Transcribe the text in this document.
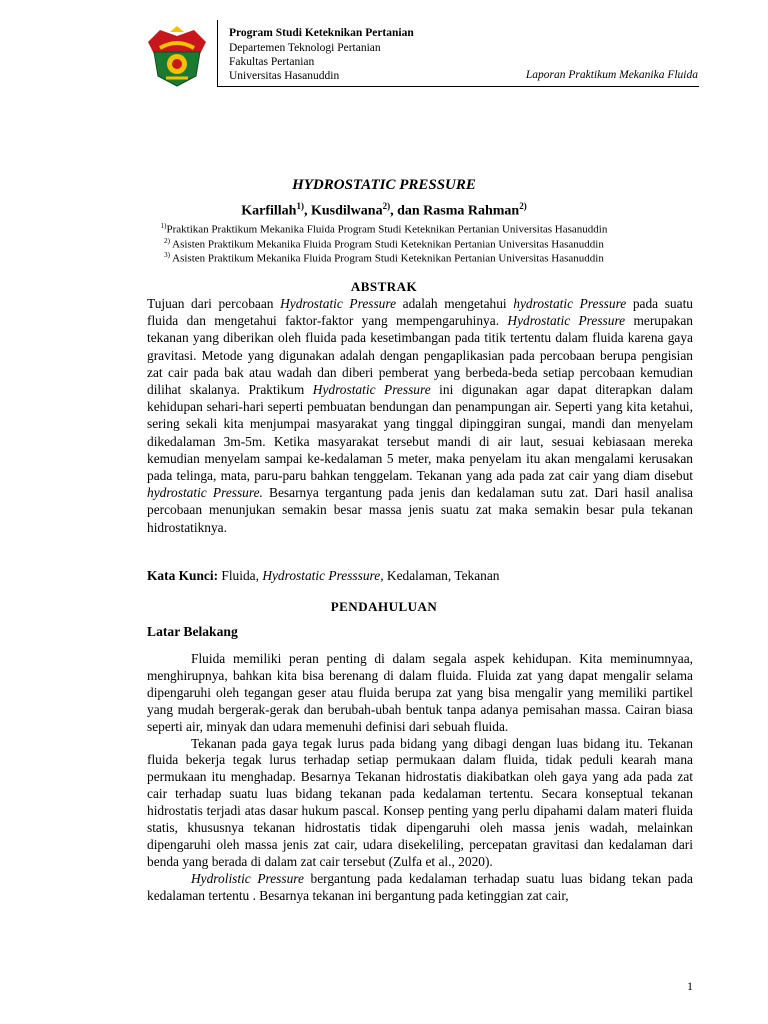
Program Studi Keteknikan Pertanian
Departemen Teknologi Pertanian
Fakultas Pertanian
Universitas Hasanuddin	Laporan Praktikum Mekanika Fluida
HYDROSTATIC PRESSURE
Karfillah$^{1)}$, Kusdilwana$^{2)}$, dan Rasma Rahman$^{2)}$
$^{1)}$Praktikan Praktikum Mekanika Fluida Program Studi Keteknikan Pertanian Universitas Hasanuddin
$^{2)}$ Asisten Praktikum Mekanika Fluida Program Studi Keteknikan Pertanian Universitas Hasanuddin
$^{3)}$ Asisten Praktikum Mekanika Fluida Program Studi Keteknikan Pertanian Universitas Hasanuddin
ABSTRAK
Tujuan dari percobaan Hydrostatic Pressure adalah mengetahui hydrostatic Pressure pada suatu fluida dan mengetahui faktor-faktor yang mempengaruhinya. Hydrostatic Pressure merupakan tekanan yang diberikan oleh fluida pada kesetimbangan pada titik tertentu dalam fluida karena gaya gravitasi. Metode yang digunakan adalah dengan pengaplikasian pada percobaan berupa pengisian zat cair pada bak atau wadah dan diberi pemberat yang berbeda-beda setiap percobaan kemudian dilihat skalanya. Praktikum Hydrostatic Pressure ini digunakan agar dapat diterapkan dalam kehidupan sehari-hari seperti pembuatan bendungan dan penampungan air. Seperti yang kita ketahui, sering sekali kita menjumpai masyarakat yang tinggal dipinggiran sungai, mandi dan menyelam dikedalaman 3m-5m. Ketika masyarakat tersebut mandi di air laut, sesuai kebiasaan mereka kemudian menyelam sampai ke-kedalaman 5 meter, maka penyelam itu akan mengalami kerusakan pada telinga, mata, paru-paru bahkan tenggelam. Tekanan yang ada pada zat cair yang diam disebut hydrostatic Pressure. Besarnya tergantung pada jenis dan kedalaman sutu zat. Dari hasil analisa percobaan menunjukan semakin besar massa jenis suatu zat maka semakin besar pula tekanan hidrostatiknya.
Kata Kunci: Fluida, Hydrostatic Presssure, Kedalaman, Tekanan
PENDAHULUAN
Latar Belakang
Fluida memiliki peran penting di dalam segala aspek kehidupan. Kita meminumnyaa, menghirupnya, bahkan kita bisa berenang di dalam fluida. Fluida zat yang dapat mengalir selama dipengaruhi oleh tegangan geser atau fluida berupa zat yang bisa mengalir yang memiliki partikel yang mudah bergerak-gerak dan berubah-ubah bentuk tanpa adanya pemisahan massa. Cairan biasa seperti air, minyak dan udara memenuhi definisi dari sebuah fluida.
Tekanan pada gaya tegak lurus pada bidang yang dibagi dengan luas bidang itu. Tekanan fluida bekerja tegak lurus terhadap setiap permukaan dalam fluida, tidak peduli kearah mana permukaan itu menghadap. Besarnya Tekanan hidrostatis diakibatkan oleh gaya yang ada pada zat cair terhadap suatu luas bidang tekanan pada kedalaman tertentu. Secara konseptual tekanan hidrostatis terjadi atas dasar hukum pascal. Konsep penting yang perlu dipahami dalam materi fluida statis, khususnya tekanan hidrostatis tidak dipengaruhi oleh massa jenis wadah, melainkan dipengaruhi oleh massa jenis zat cair, udara disekeliling, percepatan gravitasi dan kedalaman dari benda yang berada di dalam zat cair tersebut (Zulfa et al., 2020).
Hydrolistic Pressure bergantung pada kedalaman terhadap suatu luas bidang tekan pada kedalaman tertentu . Besarnya tekanan ini bergantung pada ketinggian zat cair,
1
